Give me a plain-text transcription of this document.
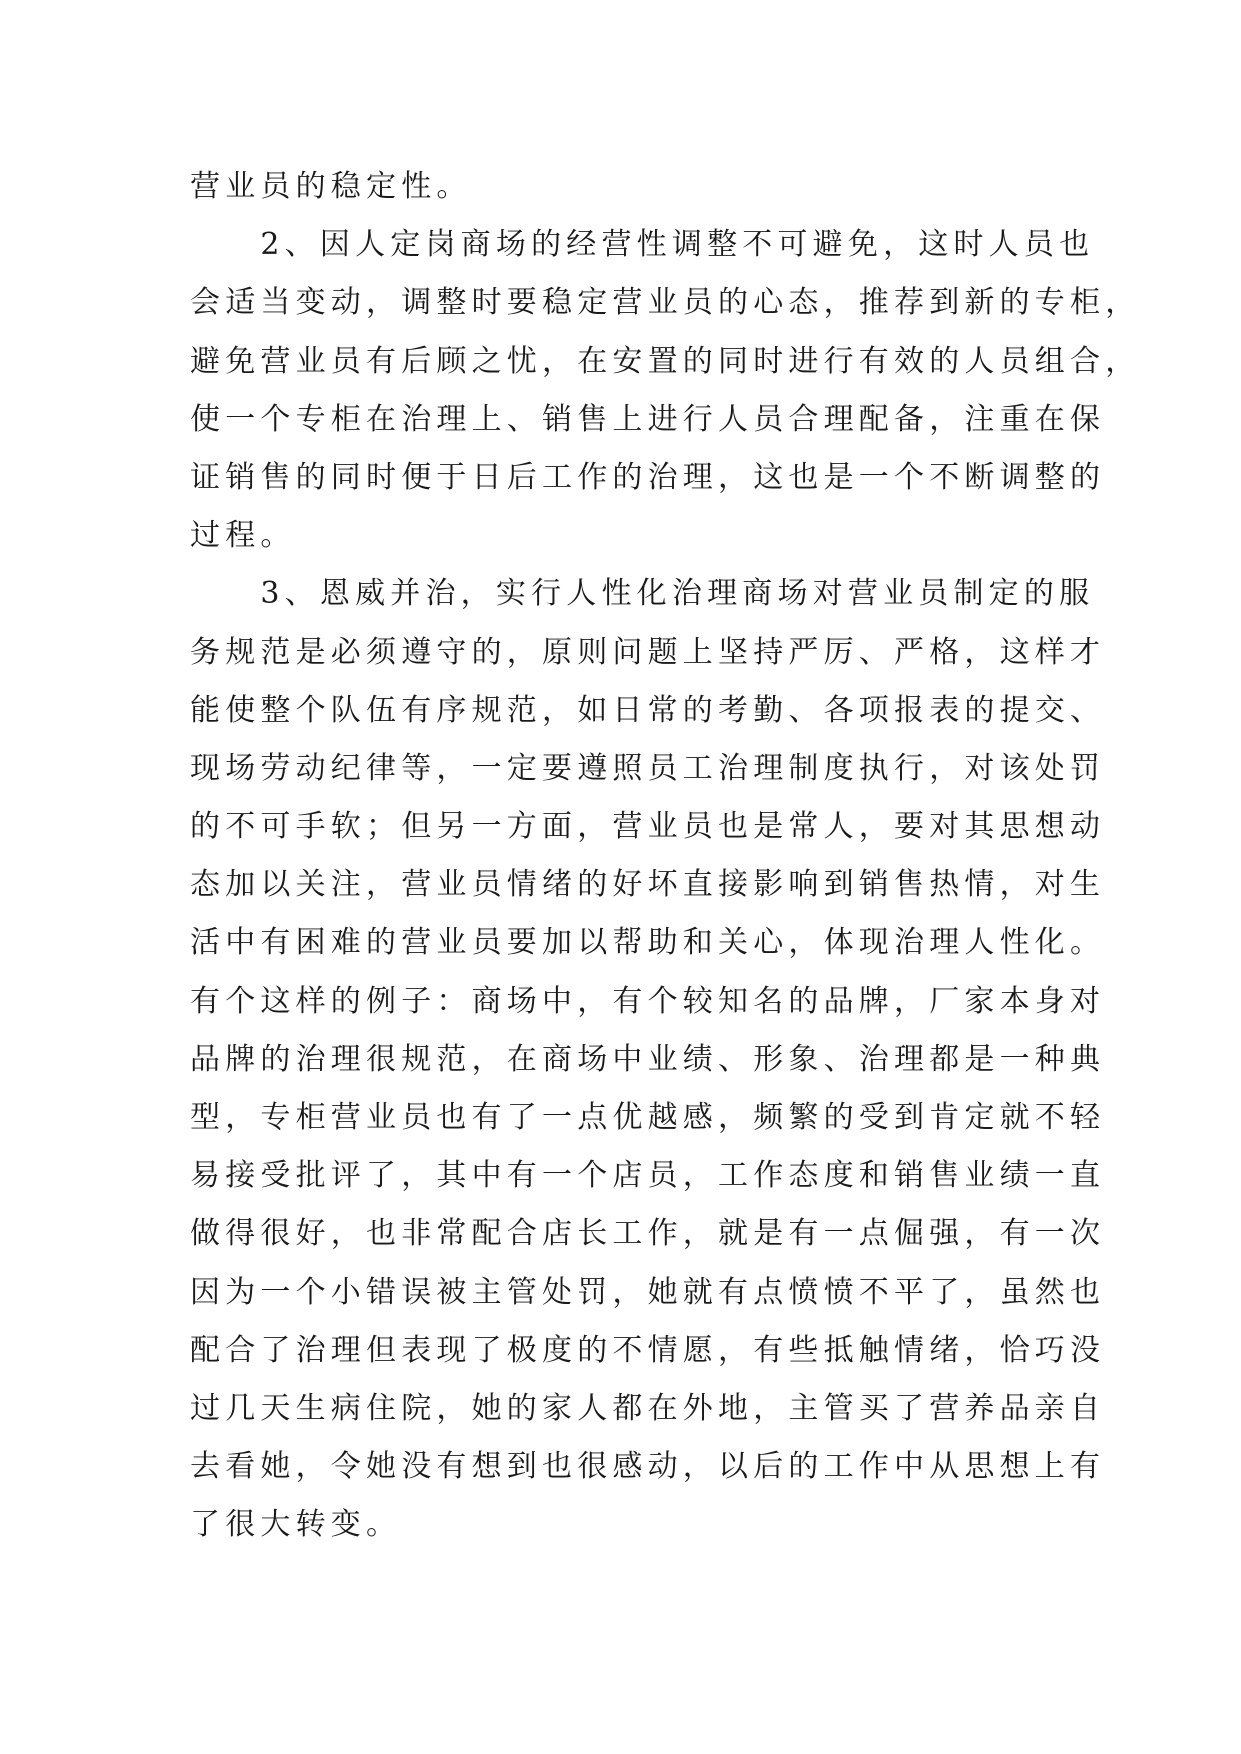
营业员的稳定性。
　　2、因人定岗商场的经营性调整不可避免，这时人员也
会适当变动，调整时要稳定营业员的心态，推荐到新的专柜，
避免营业员有后顾之忧，在安置的同时进行有效的人员组合，
使一个专柜在治理上、销售上进行人员合理配备，注重在保
证销售的同时便于日后工作的治理，这也是一个不断调整的
过程。
　　3、恩威并治，实行人性化治理商场对营业员制定的服
务规范是必须遵守的，原则问题上坚持严厉、严格，这样才
能使整个队伍有序规范，如日常的考勤、各项报表的提交、
现场劳动纪律等，一定要遵照员工治理制度执行，对该处罚
的不可手软；但另一方面，营业员也是常人，要对其思想动
态加以关注，营业员情绪的好坏直接影响到销售热情，对生
活中有困难的营业员要加以帮助和关心，体现治理人性化。
有个这样的例子：商场中，有个较知名的品牌，厂家本身对
品牌的治理很规范，在商场中业绩、形象、治理都是一种典
型，专柜营业员也有了一点优越感，频繁的受到肯定就不轻
易接受批评了，其中有一个店员，工作态度和销售业绩一直
做得很好，也非常配合店长工作，就是有一点倔强，有一次
因为一个小错误被主管处罚，她就有点愤愤不平了，虽然也
配合了治理但表现了极度的不情愿，有些抵触情绪，恰巧没
过几天生病住院，她的家人都在外地，主管买了营养品亲自
去看她，令她没有想到也很感动，以后的工作中从思想上有
了很大转变。
